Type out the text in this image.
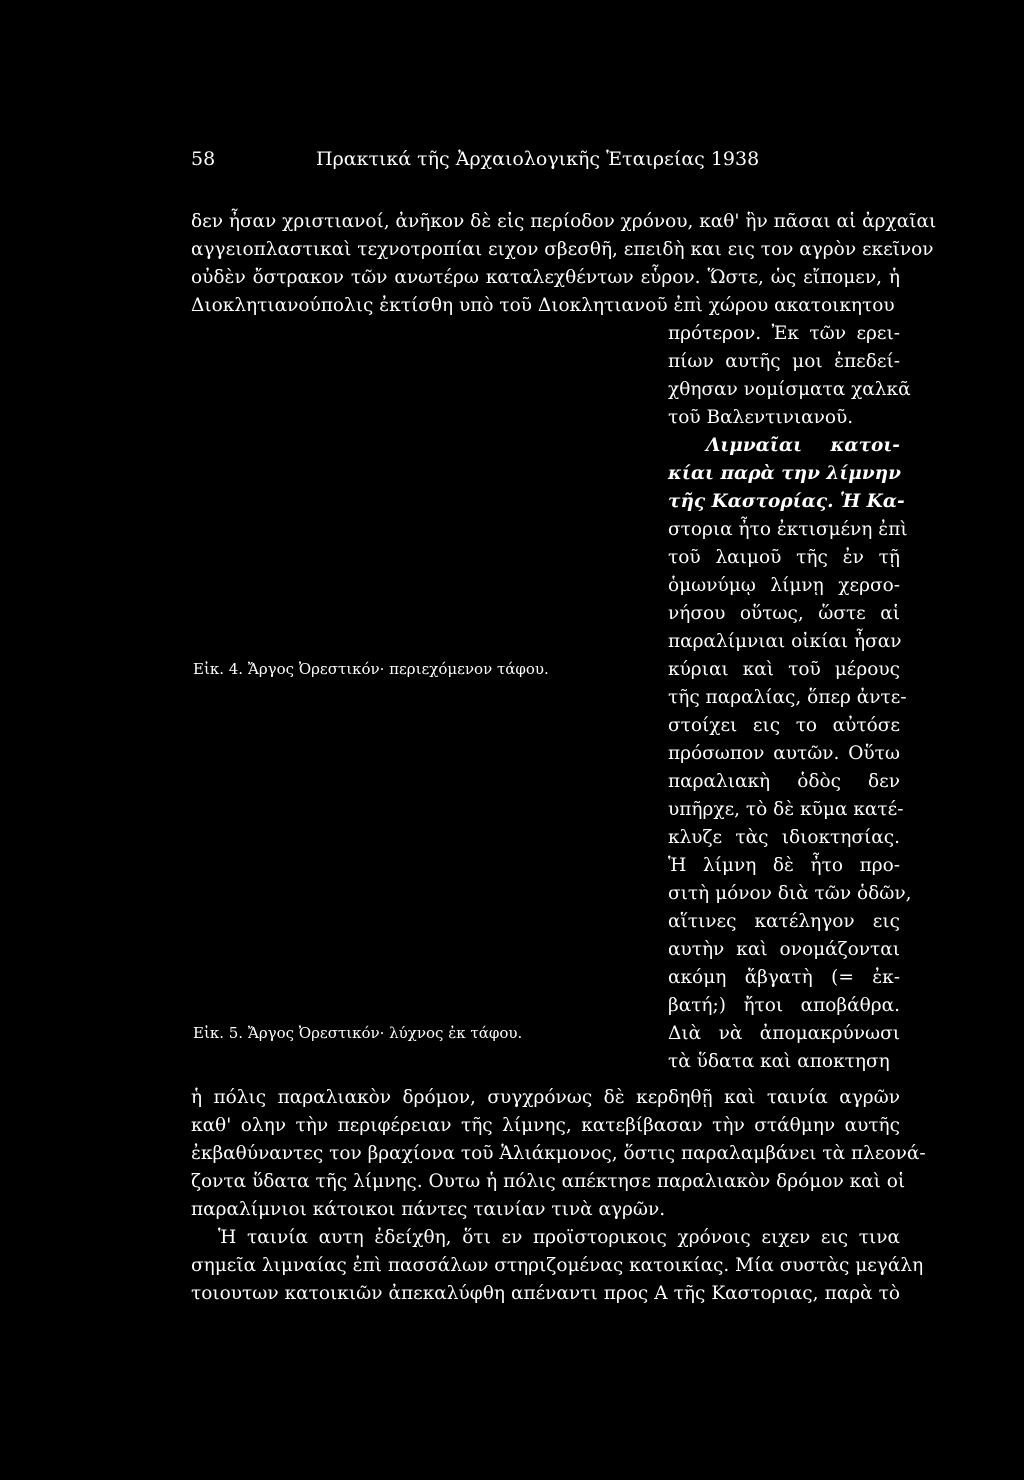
58	Πρακτικά τῆς Ἀρχαιολογικῆς Ἑταιρείας 1938
δεν ἦσαν χριστιανοί, ἀνῆκον δὲ εἰς περίοδον χρόνου, καθ' ἣν πᾶσαι αἱ ἀρχαῖαι
αγγειοπλαστικαὶ τεχνοτροπίαι ειχον σβεσθῆ, επειδὴ και εις τον αγρὸν εκεῖνον
οὐδὲν ὄστρακον τῶν ανωτέρω καταλεχθέντων εὗρον. Ὥστε, ὡς εἴπομεν, ἡ
Διοκλητιανούπολις ἐκτίσθη υπὸ τοῦ Διοκλητιανοῦ ἐπὶ χώρου ακατοικητου
πρότερον. Ἐκ τῶν ερει-
πίων αυτῆς μοι ἐπεδεί-
χθησαν νομίσματα χαλκᾶ
τοῦ Βαλεντινιανοῦ.
Λιμναῖαι κατοι-
κίαι παρὰ την λίμνην
τῆς Καστορίας. Ἡ Κα-
στορια ἦτο ἐκτισμένη ἐπὶ
τοῦ λαιμοῦ τῆς ἐν τῇ
ὁμωνύμῳ λίμνῃ χερσο-
νήσου οὕτως, ὥστε αἱ
παραλίμνιαι οἰκίαι ἦσαν
κύριαι καὶ τοῦ μέρους
τῆς παραλίας, ὅπερ ἀντε-
στοίχει εις το αὐτόσε
πρόσωπον αυτῶν. Οὕτω
παραλιακὴ ὁδὸς δεν
υπῆρχε, τὸ δὲ κῦμα κατέ-
κλυζε τὰς ιδιοκτησίας.
Ἡ λίμνη δὲ ἦτο προ-
σιτὴ μόνον διὰ τῶν ὁδῶν,
αἵτινες κατέληγον εις
αυτὴν καὶ ονομάζονται
ακόμη ἄβγατὴ (= ἐκ-
βατή;) ἤτοι αποβάθρα.
Διὰ νὰ ἀπομακρύνωσι
τὰ ὕδατα καὶ αποκτηση
Εἰκ. 4. Ἄργος Ὀρεστικόν· περιεχόμενον τάφου.
Εἰκ. 5. Ἄργος Ὀρεστικόν· λύχνος ἐκ τάφου.
ἡ πόλις παραλιακὸν δρόμον, συγχρόνως δὲ κερδηθῇ καὶ ταινία αγρῶν
καθ' ολην τὴν περιφέρειαν τῆς λίμνης, κατεβίβασαν τὴν στάθμην αυτῆς
ἐκβαθύναντες τον βραχίονα τοῦ Ἁλιάκμονος, ὅστις παραλαμβάνει τὰ πλεονά-
ζοντα ὕδατα τῆς λίμνης. Ουτω ἡ πόλις απέκτησε παραλιακὸν δρόμον καὶ οἱ
παραλίμνιοι κάτοικοι πάντες ταινίαν τινὰ αγρῶν.
Ἡ ταινία αυτη ἐδείχθη, ὅτι εν προϊστορικοις χρόνοις ειχεν εις τινα
σημεῖα λιμναίας ἐπὶ πασσάλων στηριζομένας κατοικίας. Μία συστὰς μεγάλη
τοιουτων κατοικιῶν ἀπεκαλύφθη απέναντι προς Α τῆς Καστοριας, παρὰ τὸ
